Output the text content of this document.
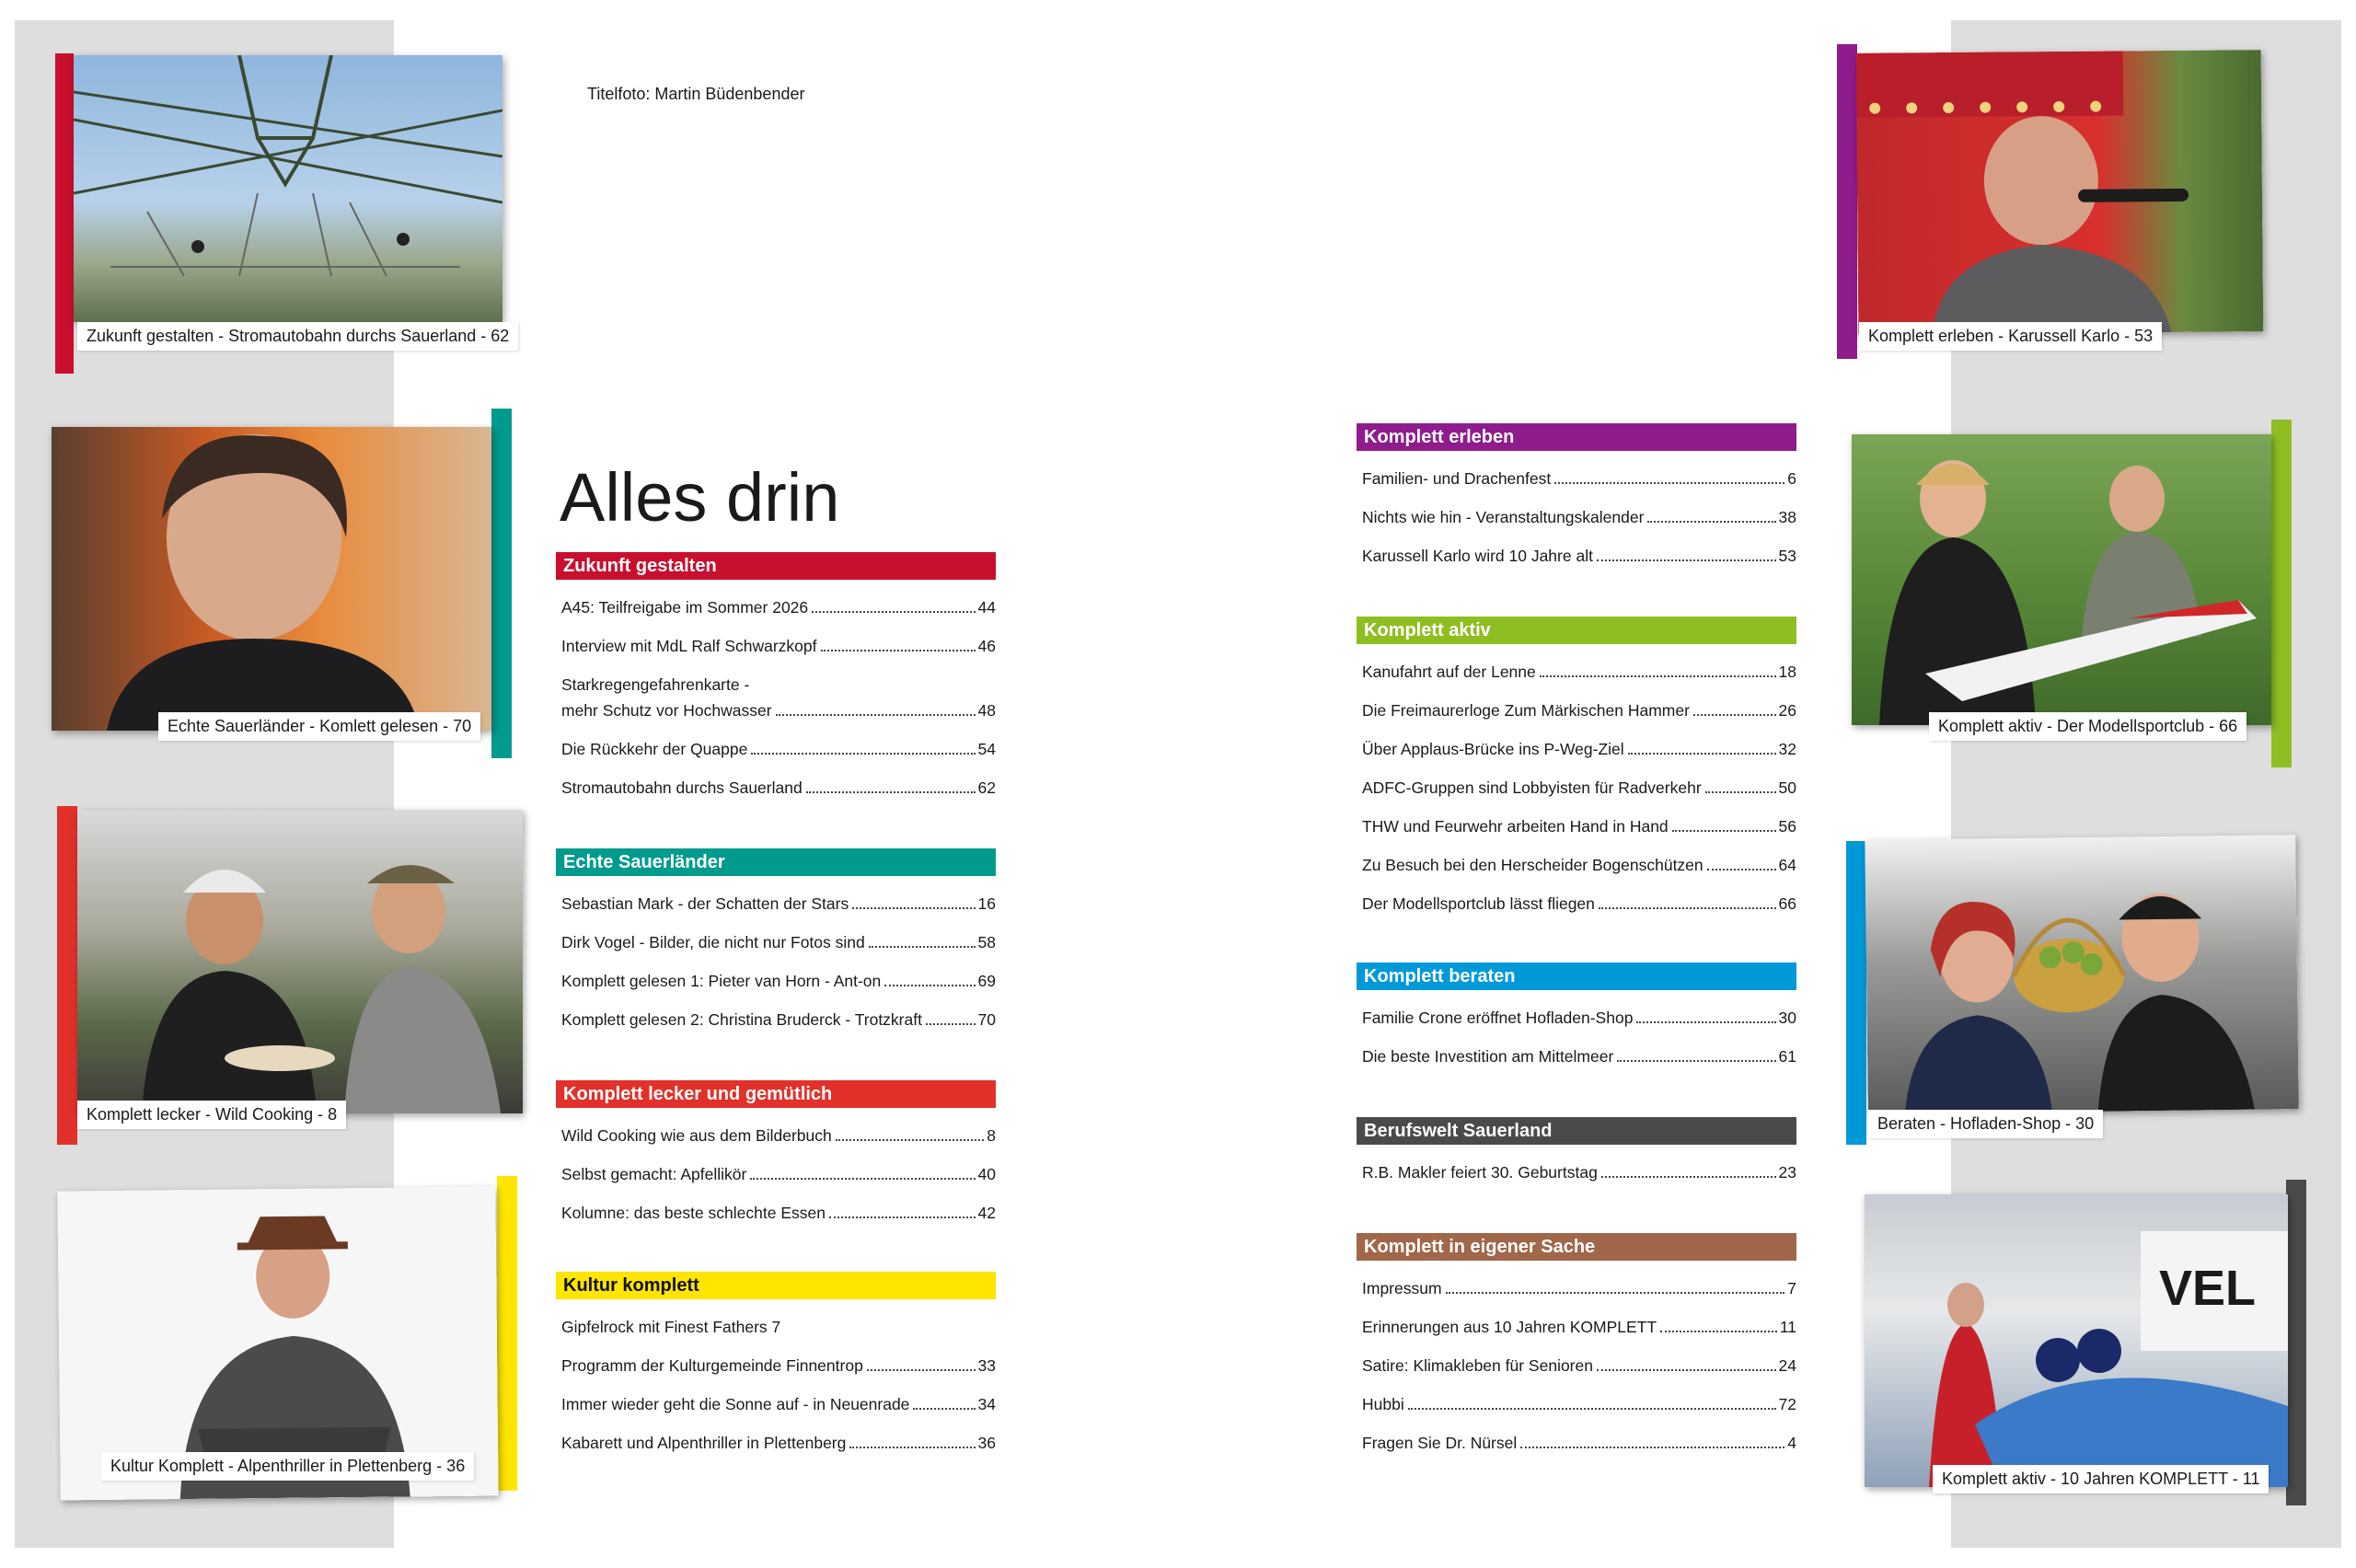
Titelfoto: Martin Büdenbender
Alles drin
Zukunft gestalten - Stromautobahn durchs Sauerland - 62
Echte Sauerländer - Komlett gelesen - 70
Komplett lecker - Wild Cooking - 8
Kultur Komplett - Alpenthriller in Plettenberg - 36
Komplett erleben - Karussell Karlo - 53
Komplett aktiv - Der Modellsportclub - 66
Beraten - Hofladen-Shop - 30
VEL
Komplett aktiv - 10 Jahren KOMPLETT - 11
Zukunft gestalten
A45: Teilfreigabe im Sommer 2026	44
Interview mit MdL Ralf Schwarzkopf	46
Starkregengefahrenkarte -
mehr Schutz vor Hochwasser	48
Die Rückkehr der Quappe	54
Stromautobahn durchs Sauerland	62
Echte Sauerländer
Sebastian Mark - der Schatten der Stars	16
Dirk Vogel - Bilder, die nicht nur Fotos sind	58
Komplett gelesen 1: Pieter van Horn - Ant-on	69
Komplett gelesen 2: Christina Bruderck - Trotzkraft	70
Komplett lecker und gemütlich
Wild Cooking wie aus dem Bilderbuch	8
Selbst gemacht: Apfellikör	40
Kolumne: das beste schlechte Essen	42
Kultur komplett
Gipfelrock mit Finest Fathers 7
Programm der Kulturgemeinde Finnentrop	33
Immer wieder geht die Sonne auf - in Neuenrade	34
Kabarett und Alpenthriller in Plettenberg	36
Komplett erleben
Familien- und Drachenfest	6
Nichts wie hin - Veranstaltungskalender	38
Karussell Karlo wird 10 Jahre alt	53
Komplett aktiv
Kanufahrt auf der Lenne	18
Die Freimaurerloge Zum Märkischen Hammer	26
Über Applaus-Brücke ins P-Weg-Ziel	32
ADFC-Gruppen sind Lobbyisten für Radverkehr	50
THW und Feurwehr arbeiten Hand in Hand	56
Zu Besuch bei den Herscheider Bogenschützen	64
Der Modellsportclub lässt fliegen	66
Komplett beraten
Familie Crone eröffnet Hofladen-Shop	30
Die beste Investition am Mittelmeer	61
Berufswelt Sauerland
R.B. Makler feiert 30. Geburtstag	23
Komplett in eigener Sache
Impressum	7
Erinnerungen aus 10 Jahren KOMPLETT	11
Satire: Klimakleben für Senioren	24
Hubbi	72
Fragen Sie Dr. Nürsel	4
